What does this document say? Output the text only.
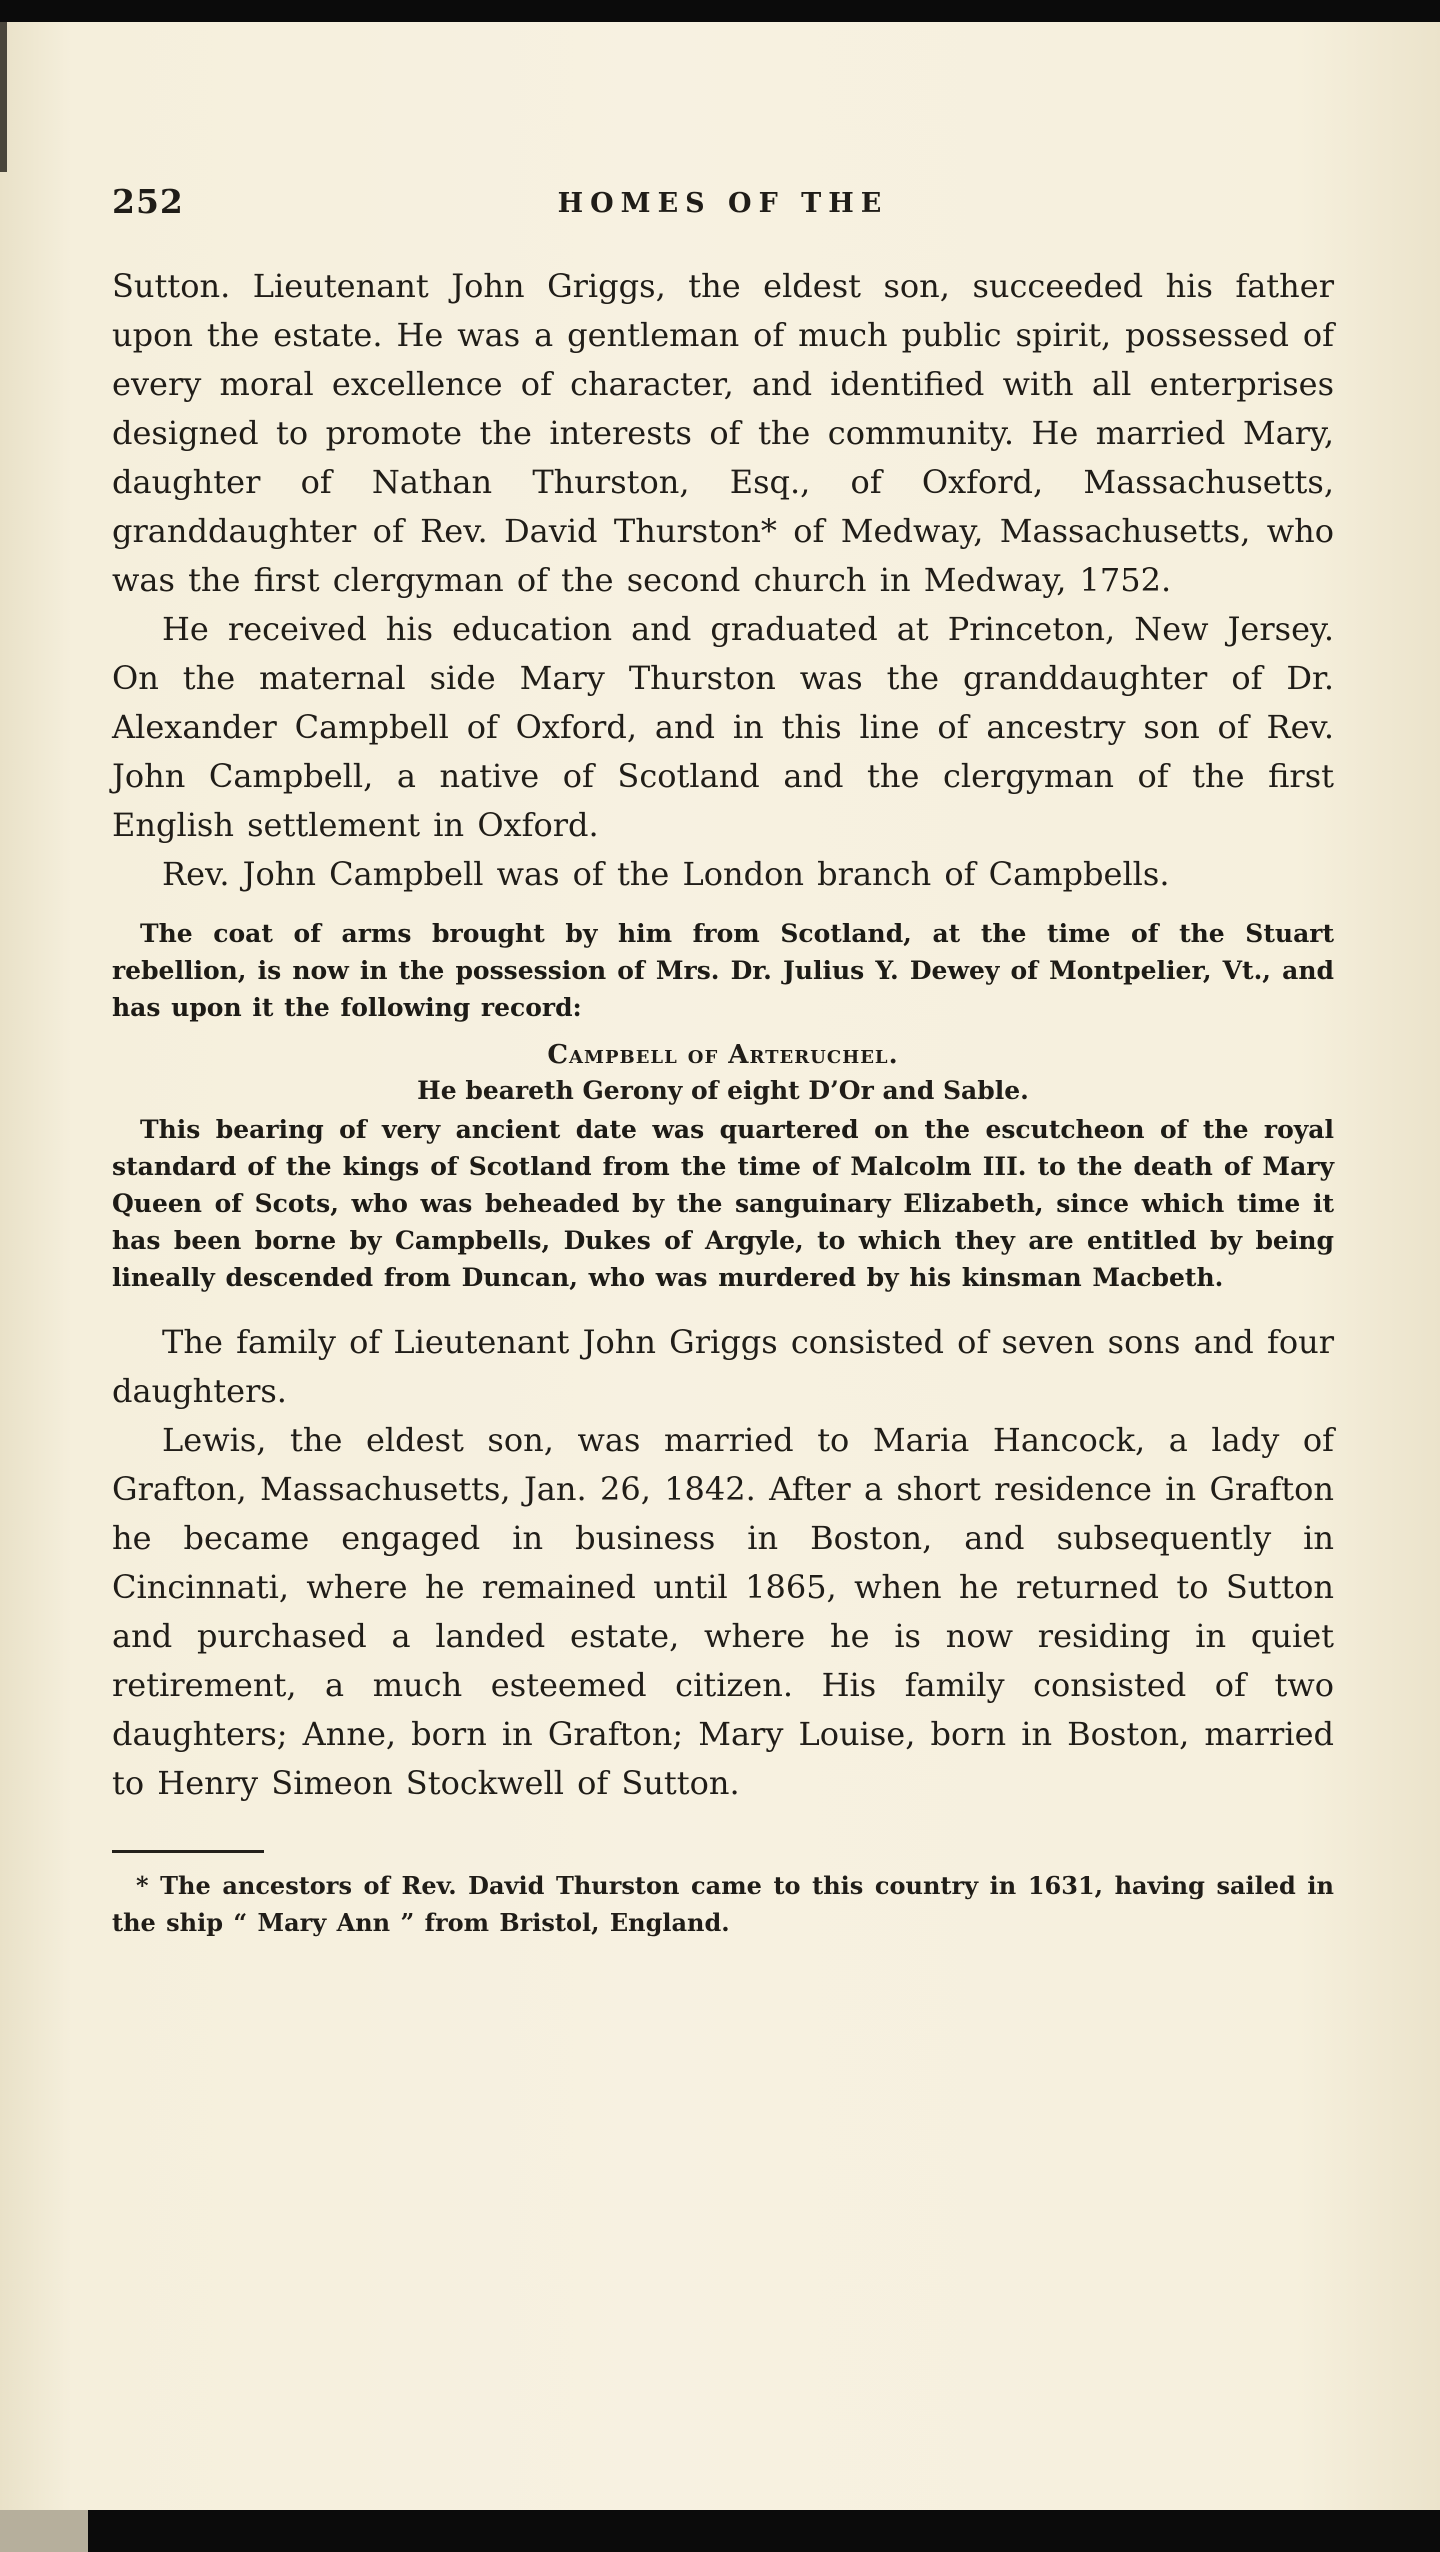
252	HOMES OF THE

Sutton. Lieutenant John Griggs, the eldest son, succeeded his father upon the estate. He was a gentleman of much public spirit, possessed of every moral excellence of character, and identified with all enterprises designed to promote the interests of the community. He married Mary, daughter of Nathan Thurston, Esq., of Oxford, Massachusetts, granddaughter of Rev. David Thurston* of Medway, Massachusetts, who was the first clergyman of the second church in Medway, 1752.

He received his education and graduated at Princeton, New Jersey. On the maternal side Mary Thurston was the granddaughter of Dr. Alexander Campbell of Oxford, and in this line of ancestry son of Rev. John Campbell, a native of Scotland and the clergyman of the first English settlement in Oxford.

Rev. John Campbell was of the London branch of Campbells.

The coat of arms brought by him from Scotland, at the time of the Stuart rebellion, is now in the possession of Mrs. Dr. Julius Y. Dewey of Montpelier, Vt., and has upon it the following record:

Campbell of Arteruchel.
He beareth Gerony of eight D’Or and Sable.

This bearing of very ancient date was quartered on the escutcheon of the royal standard of the kings of Scotland from the time of Malcolm III. to the death of Mary Queen of Scots, who was beheaded by the sanguinary Elizabeth, since which time it has been borne by Campbells, Dukes of Argyle, to which they are entitled by being lineally descended from Duncan, who was murdered by his kinsman Macbeth.

The family of Lieutenant John Griggs consisted of seven sons and four daughters.

Lewis, the eldest son, was married to Maria Hancock, a lady of Grafton, Massachusetts, Jan. 26, 1842. After a short residence in Grafton he became engaged in business in Boston, and subsequently in Cincinnati, where he remained until 1865, when he returned to Sutton and purchased a landed estate, where he is now residing in quiet retirement, a much esteemed citizen. His family consisted of two daughters; Anne, born in Grafton; Mary Louise, born in Boston, married to Henry Simeon Stockwell of Sutton.

* The ancestors of Rev. David Thurston came to this country in 1631, having sailed in the ship “ Mary Ann ” from Bristol, England.
